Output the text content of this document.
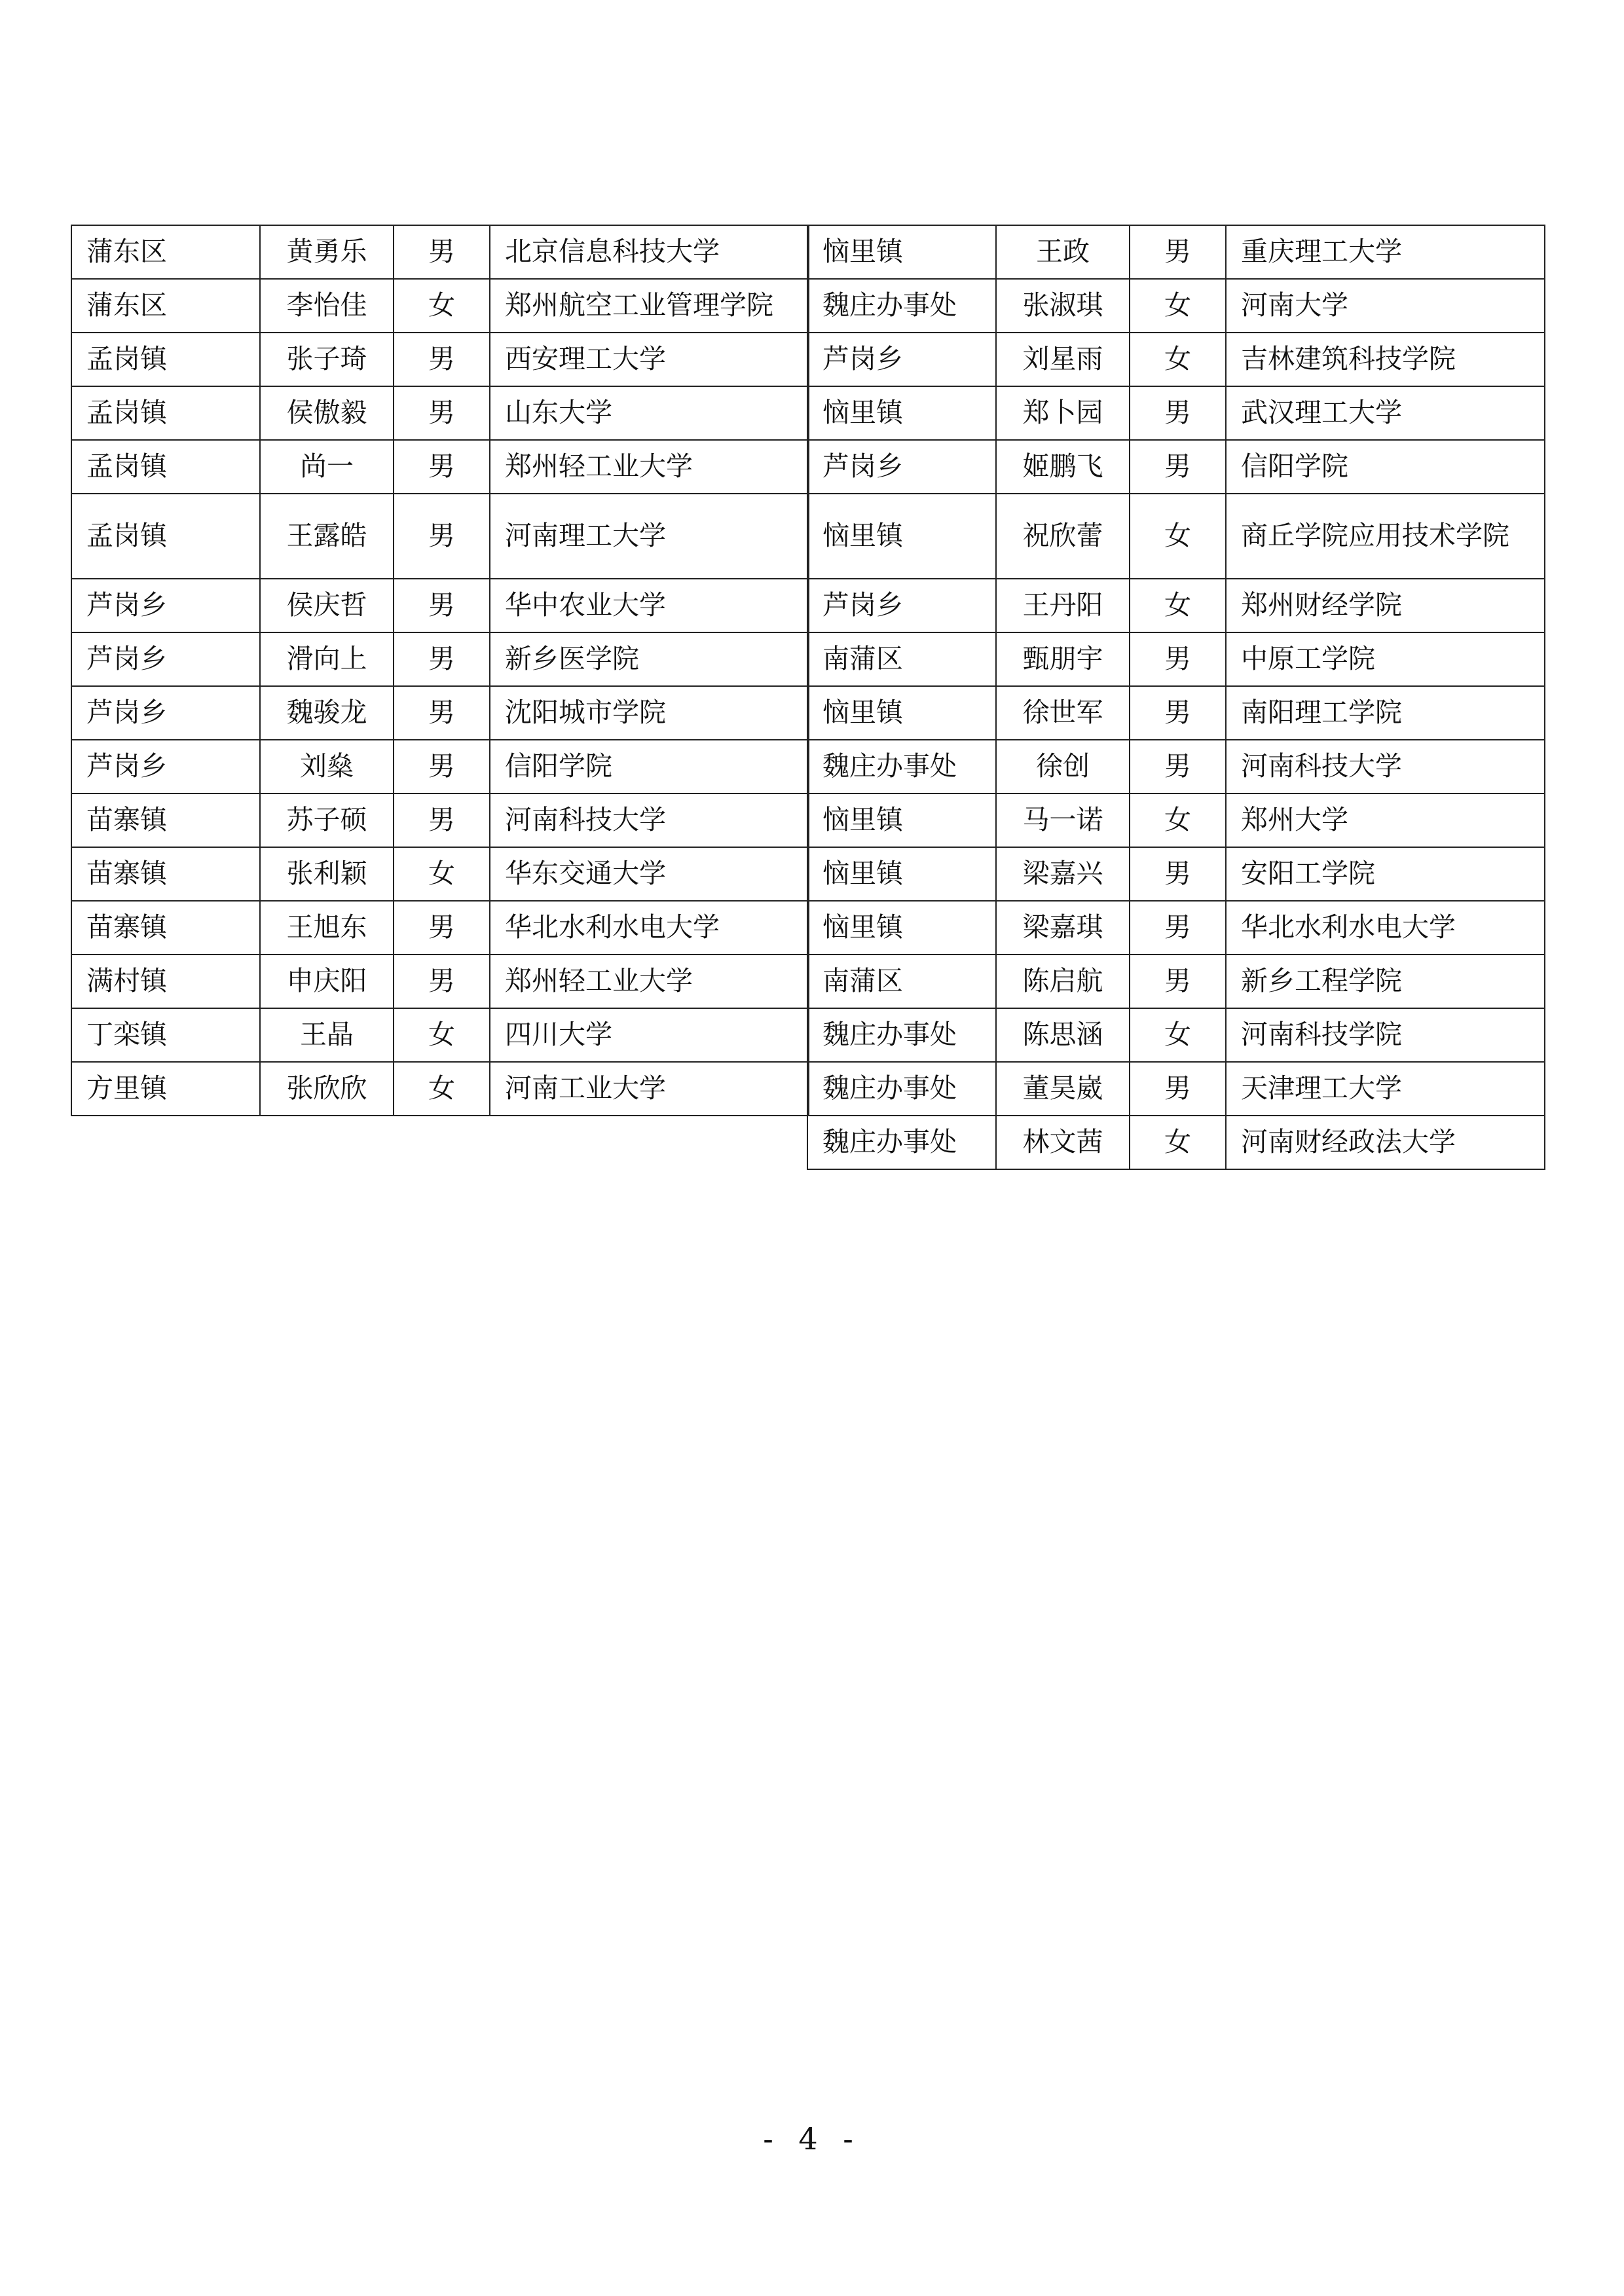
蒲东区	黄勇乐	男	北京信息科技大学
蒲东区	李怡佳	女	郑州航空工业管理学院
孟岗镇	张子琦	男	西安理工大学
孟岗镇	侯傲毅	男	山东大学
孟岗镇	尚一	男	郑州轻工业大学
孟岗镇	王露皓	男	河南理工大学
芦岗乡	侯庆哲	男	华中农业大学
芦岗乡	滑向上	男	新乡医学院
芦岗乡	魏骏龙	男	沈阳城市学院
芦岗乡	刘燊	男	信阳学院
苗寨镇	苏子硕	男	河南科技大学
苗寨镇	张利颖	女	华东交通大学
苗寨镇	王旭东	男	华北水利水电大学
满村镇	申庆阳	男	郑州轻工业大学
丁栾镇	王晶	女	四川大学
方里镇	张欣欣	女	河南工业大学
恼里镇	王政	男	重庆理工大学
魏庄办事处	张淑琪	女	河南大学
芦岗乡	刘星雨	女	吉林建筑科技学院
恼里镇	郑卜园	男	武汉理工大学
芦岗乡	姬鹏飞	男	信阳学院
恼里镇	祝欣蕾	女	商丘学院应用技术学院
芦岗乡	王丹阳	女	郑州财经学院
南蒲区	甄朋宇	男	中原工学院
恼里镇	徐世军	男	南阳理工学院
魏庄办事处	徐创	男	河南科技大学
恼里镇	马一诺	女	郑州大学
恼里镇	梁嘉兴	男	安阳工学院
恼里镇	梁嘉琪	男	华北水利水电大学
南蒲区	陈启航	男	新乡工程学院
魏庄办事处	陈思涵	女	河南科技学院
魏庄办事处	董昊崴	男	天津理工大学
魏庄办事处	林文茜	女	河南财经政法大学
- 4 -
